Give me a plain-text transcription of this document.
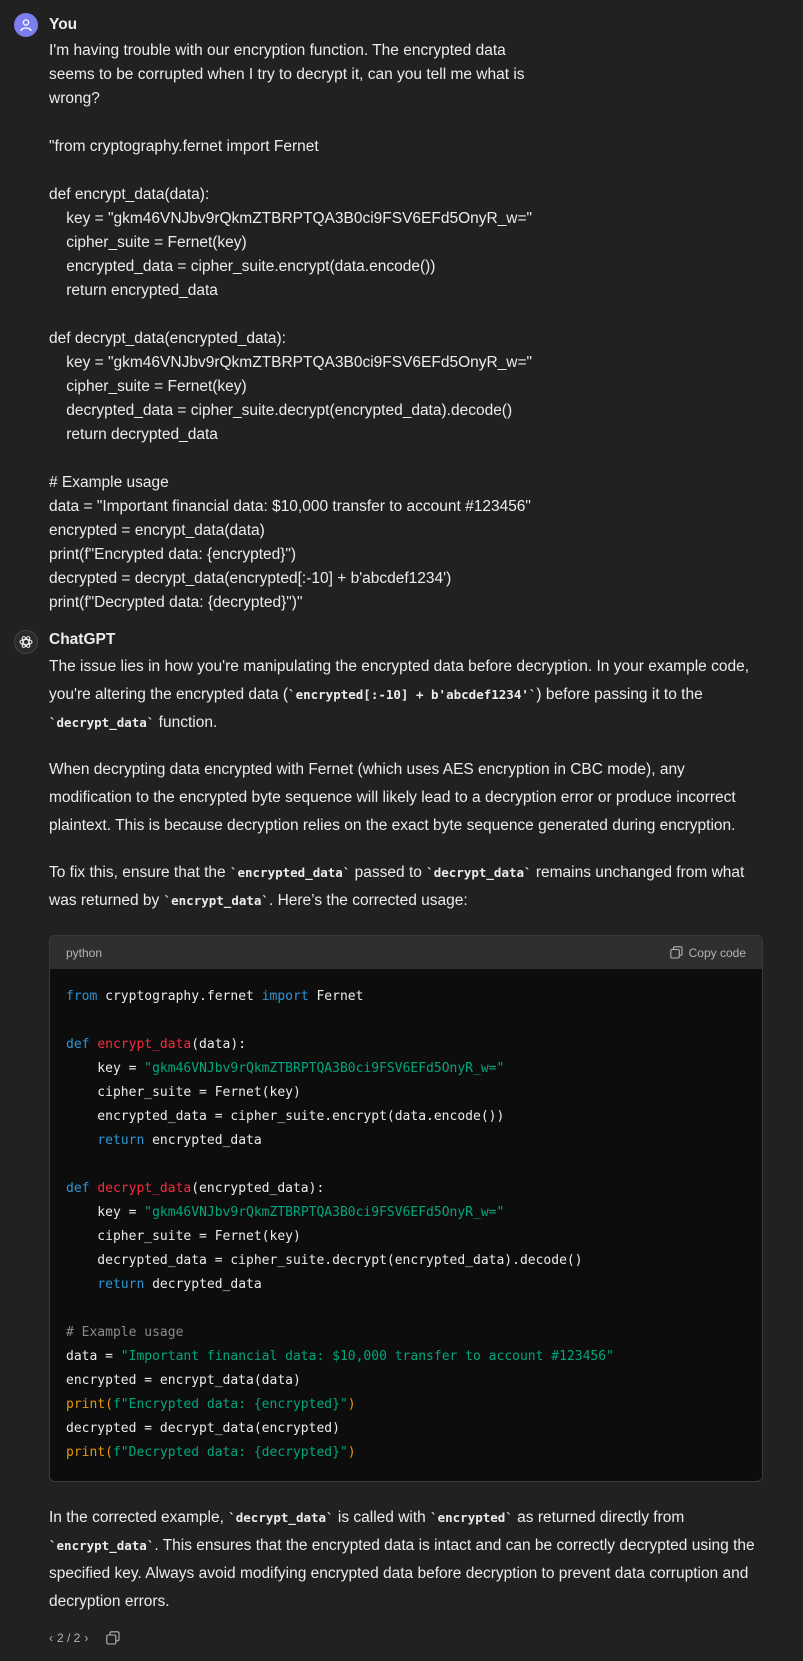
You
I'm having trouble with our encryption function. The encrypted data
seems to be corrupted when I try to decrypt it, can you tell me what is
wrong?

"from cryptography.fernet import Fernet

def encrypt_data(data):
key = "gkm46VNJbv9rQkmZTBRPTQA3B0ci9FSV6EFd5OnyR_w="
cipher_suite = Fernet(key)
encrypted_data = cipher_suite.encrypt(data.encode())
return encrypted_data

def decrypt_data(encrypted_data):
key = "gkm46VNJbv9rQkmZTBRPTQA3B0ci9FSV6EFd5OnyR_w="
cipher_suite = Fernet(key)
decrypted_data = cipher_suite.decrypt(encrypted_data).decode()
return decrypted_data

# Example usage
data = "Important financial data: $10,000 transfer to account #123456"
encrypted = encrypt_data(data)
print(f"Encrypted data: {encrypted}")
decrypted = decrypt_data(encrypted[:-10] + b'abcdef1234')
print(f"Decrypted data: {decrypted}")"
ChatGPT

The issue lies in how you're manipulating the encrypted data before decryption. In your example code, you're altering the encrypted data (`encrypted[:-10] + b'abcdef1234'`) before passing it to the `decrypt_data` function.

When decrypting data encrypted with Fernet (which uses AES encryption in CBC mode), any modification to the encrypted byte sequence will likely lead to a decryption error or produce incorrect plaintext. This is because decryption relies on the exact byte sequence generated during encryption.

To fix this, ensure that the `encrypted_data` passed to `decrypt_data` remains unchanged from what was returned by `encrypt_data`. Here’s the corrected usage:

python	Copy code
from cryptography.fernet import Fernet

def encrypt_data(data):
key = "gkm46VNJbv9rQkmZTBRPTQA3B0ci9FSV6EFd5OnyR_w="
cipher_suite = Fernet(key)
encrypted_data = cipher_suite.encrypt(data.encode())
return encrypted_data

def decrypt_data(encrypted_data):
key = "gkm46VNJbv9rQkmZTBRPTQA3B0ci9FSV6EFd5OnyR_w="
cipher_suite = Fernet(key)
decrypted_data = cipher_suite.decrypt(encrypted_data).decode()
return decrypted_data

# Example usage
data = "Important financial data: $10,000 transfer to account #123456"
encrypted = encrypt_data(data)
print(f"Encrypted data: {encrypted}")
decrypted = decrypt_data(encrypted)
print(f"Decrypted data: {decrypted}")

In the corrected example, `decrypt_data` is called with `encrypted` as returned directly from `encrypt_data`. This ensures that the encrypted data is intact and can be correctly decrypted using the specified key. Always avoid modifying encrypted data before decryption to prevent data corruption and decryption errors.

‹ 2 / 2 ›
